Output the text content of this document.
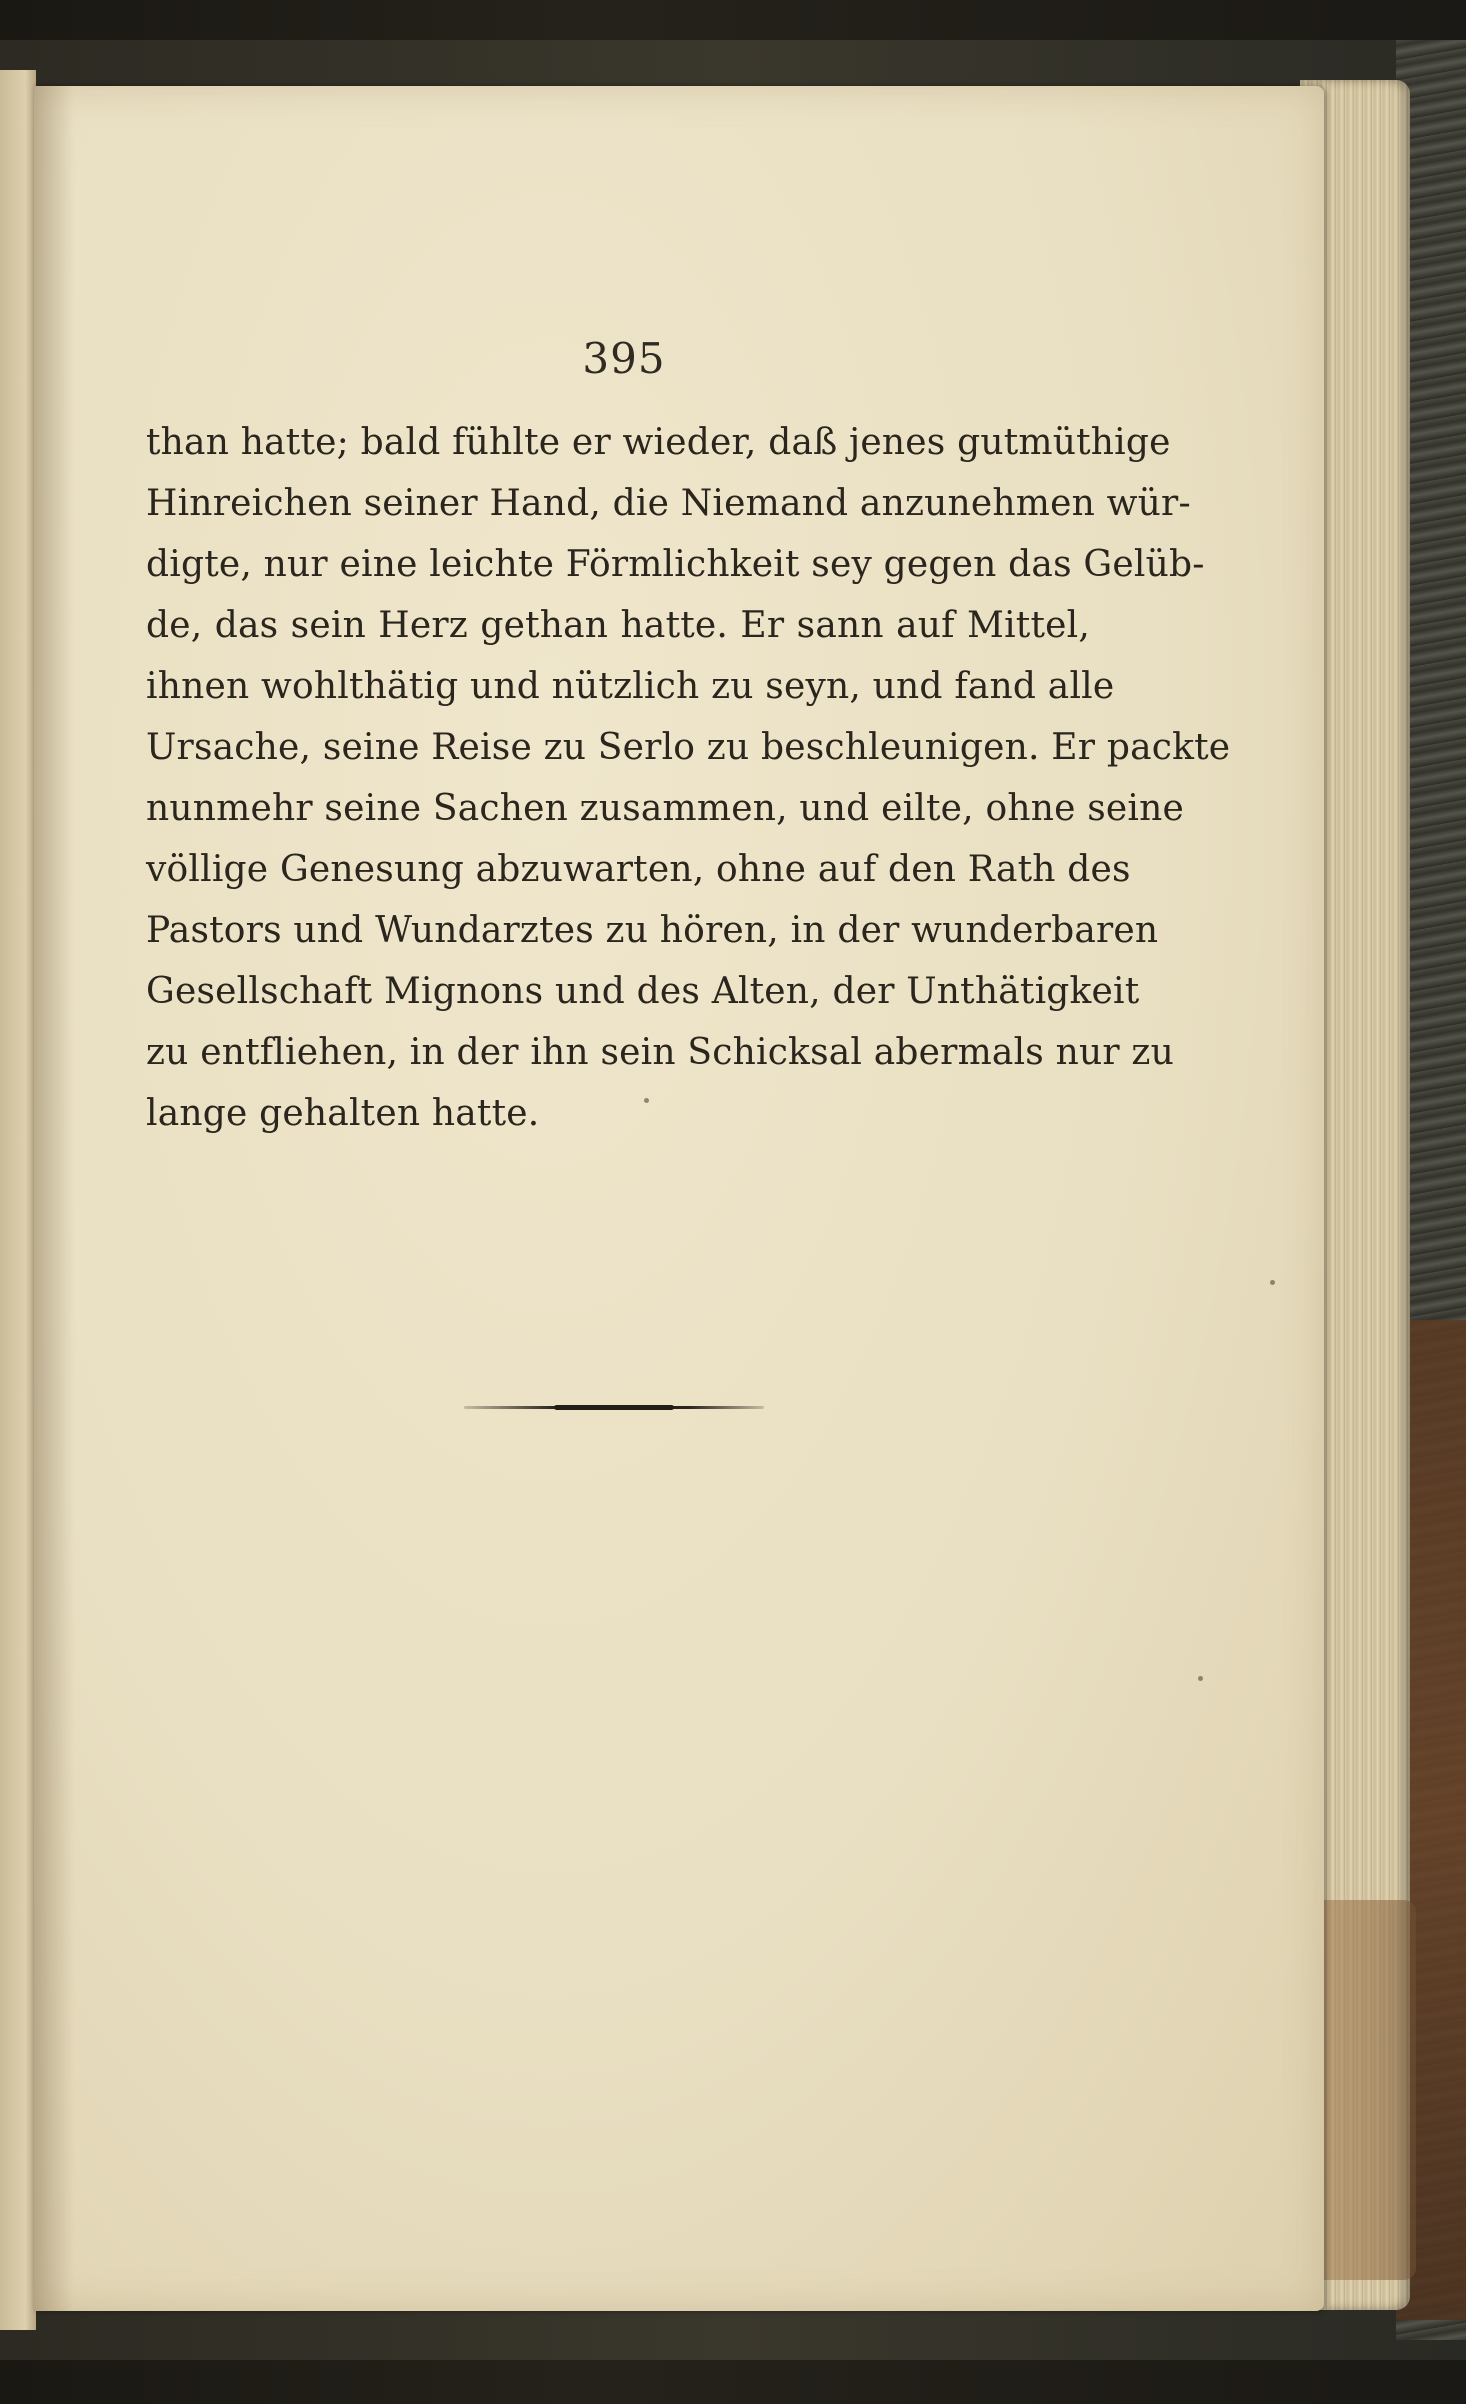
395
than hatte; bald fühlte er wieder, daß jenes gutmüthige
Hinreichen seiner Hand, die Niemand anzunehmen wür-
digte, nur eine leichte Förmlichkeit sey gegen das Gelüb-
de, das sein Herz gethan hatte. Er sann auf Mittel,
ihnen wohlthätig und nützlich zu seyn, und fand alle
Ursache, seine Reise zu Serlo zu beschleunigen. Er packte
nunmehr seine Sachen zusammen, und eilte, ohne seine
völlige Genesung abzuwarten, ohne auf den Rath des
Pastors und Wundarztes zu hören, in der wunderbaren
Gesellschaft Mignons und des Alten, der Unthätigkeit
zu entfliehen, in der ihn sein Schicksal abermals nur zu
lange gehalten hatte.
